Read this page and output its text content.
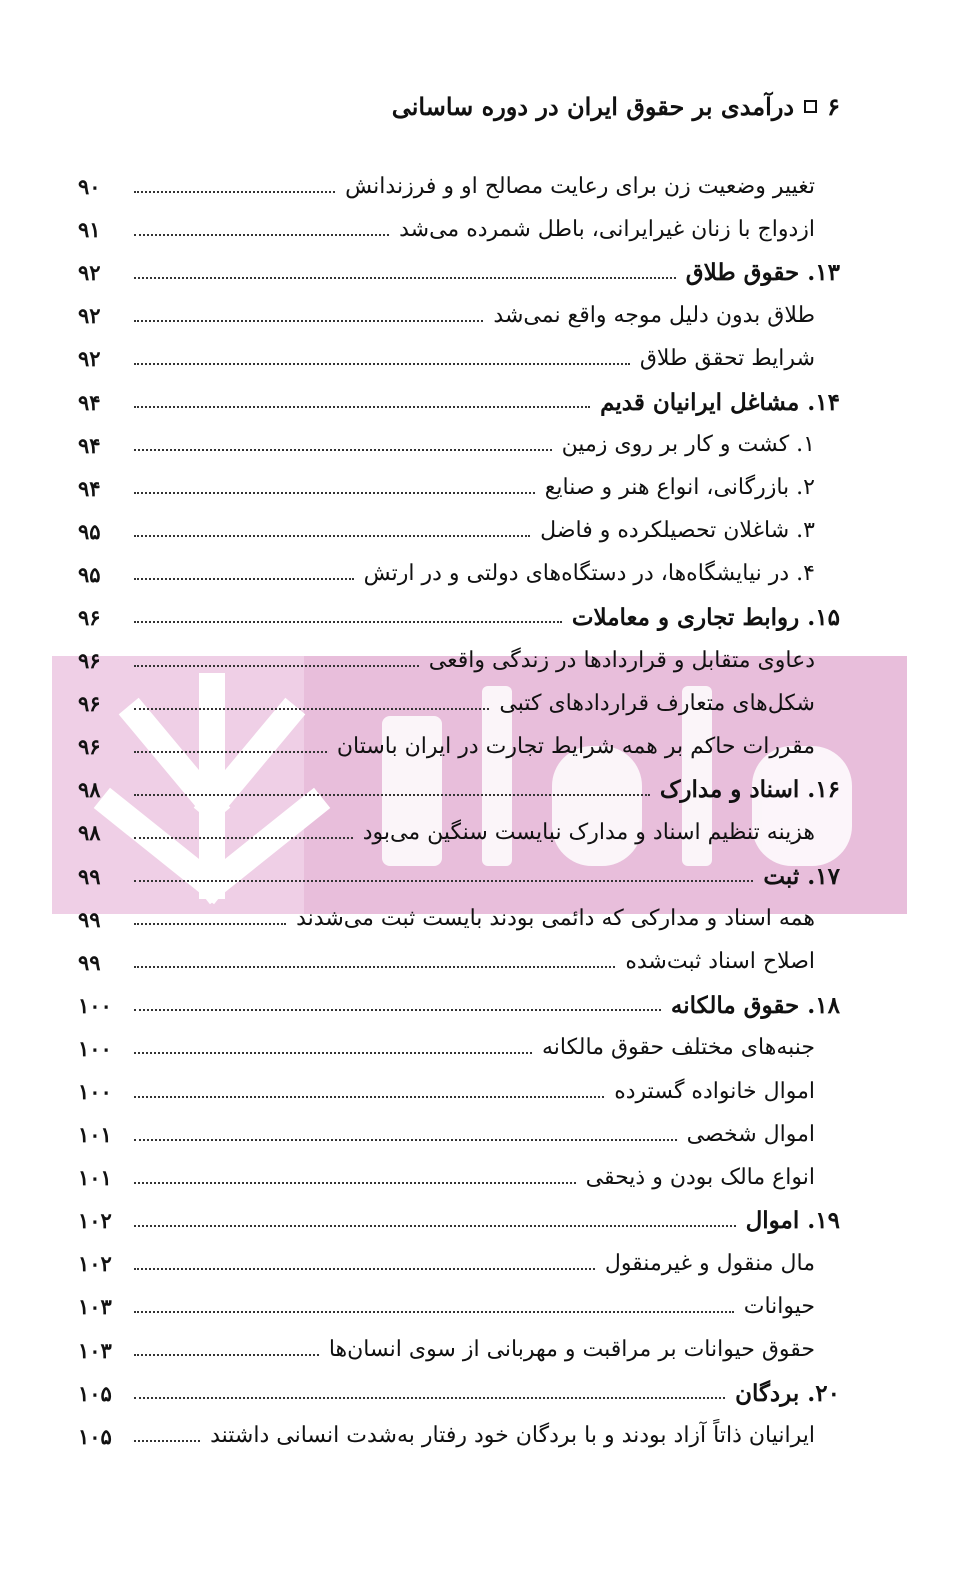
۶
درآمدی بر حقوق ایران در دوره ساسانی
تغییر وضعیت زن برای رعایت مصالح او و فرزندانش
۹۰
ازدواج با زنان غیرایرانی، باطل شمرده می‌شد
۹۱
۱۳. حقوق طلاق
۹۲
طلاق بدون دلیل موجه واقع نمی‌شد
۹۲
شرایط تحقق طلاق
۹۲
۱۴. مشاغل ایرانیان قدیم
۹۴
۱. کشت و کار بر روی زمین
۹۴
۲. بازرگانی، انواع هنر و صنایع
۹۴
۳. شاغلان تحصیلکرده و فاضل
۹۵
۴. در نیایشگاه‌ها، در دستگاه‌های دولتی و در ارتش
۹۵
۱۵. روابط تجاری و معاملات
۹۶
دعاوی متقابل و قراردادها در زندگی واقعی
۹۶
شکل‌های متعارف قراردادهای کتبی
۹۶
مقررات حاکم بر همه شرایط تجارت در ایران باستان
۹۶
۱۶. اسناد و مدارک
۹۸
هزینه تنظیم اسناد و مدارک نبایست سنگین می‌بود
۹۸
۱۷. ثبت
۹۹
همه اسناد و مدارکی که دائمی بودند بایست ثبت می‌شدند
۹۹
اصلاح اسناد ثبت‌شده
۹۹
۱۸. حقوق مالکانه
۱۰۰
جنبه‌های مختلف حقوق مالکانه
۱۰۰
اموال خانواده گسترده
۱۰۰
اموال شخصی
۱۰۱
انواع مالک بودن و ذیحقی
۱۰۱
۱۹. اموال
۱۰۲
مال منقول و غیرمنقول
۱۰۲
حیوانات
۱۰۳
حقوق حیوانات بر مراقبت و مهربانی از سوی انسان‌ها
۱۰۳
۲۰. بردگان
۱۰۵
ایرانیان ذاتاً آزاد بودند و با بردگان خود رفتار به‌شدت انسانی داشتند
۱۰۵
